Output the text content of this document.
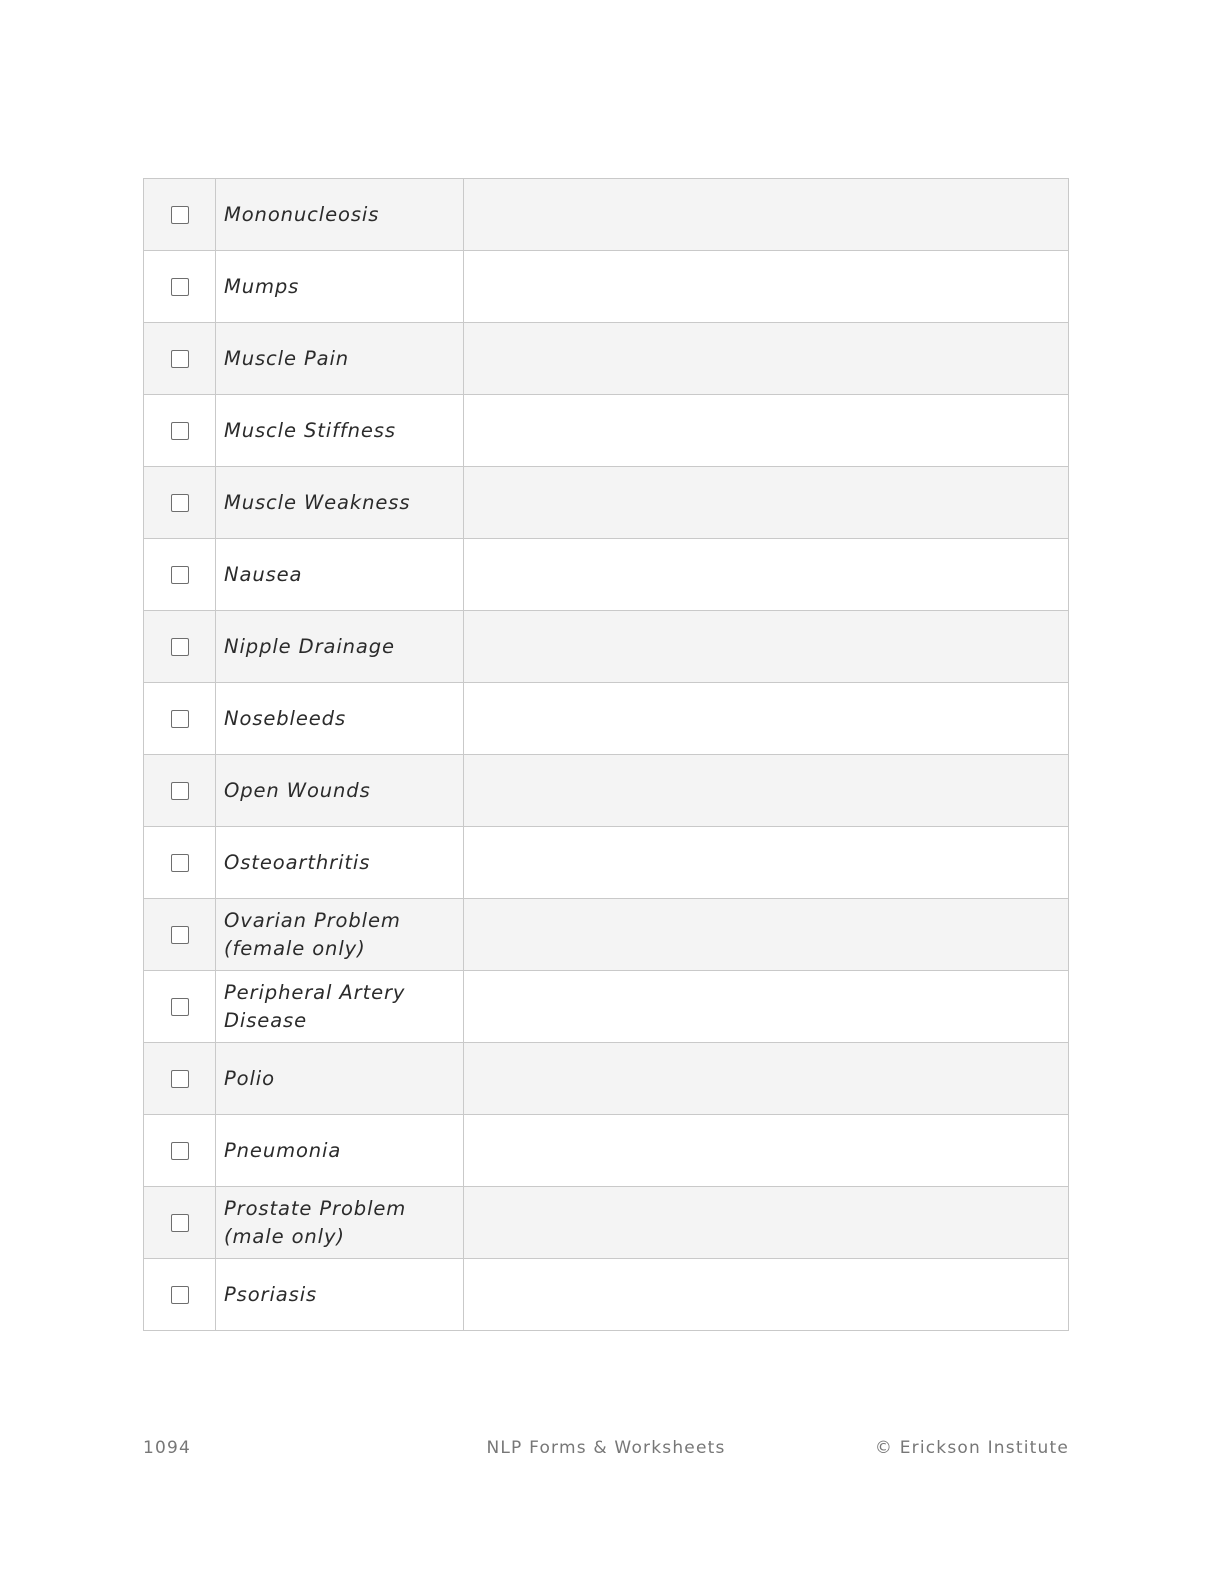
	Mononucleosis	
	Mumps	
	Muscle Pain	
	Muscle Stiffness	
	Muscle Weakness	
	Nausea	
	Nipple Drainage	
	Nosebleeds	
	Open Wounds	
	Osteoarthritis	
	Ovarian Problem (female only)	
	Peripheral Artery Disease	
	Polio	
	Pneumonia	
	Prostate Problem (male only)	
	Psoriasis	
1094	NLP Forms & Worksheets	© Erickson Institute
